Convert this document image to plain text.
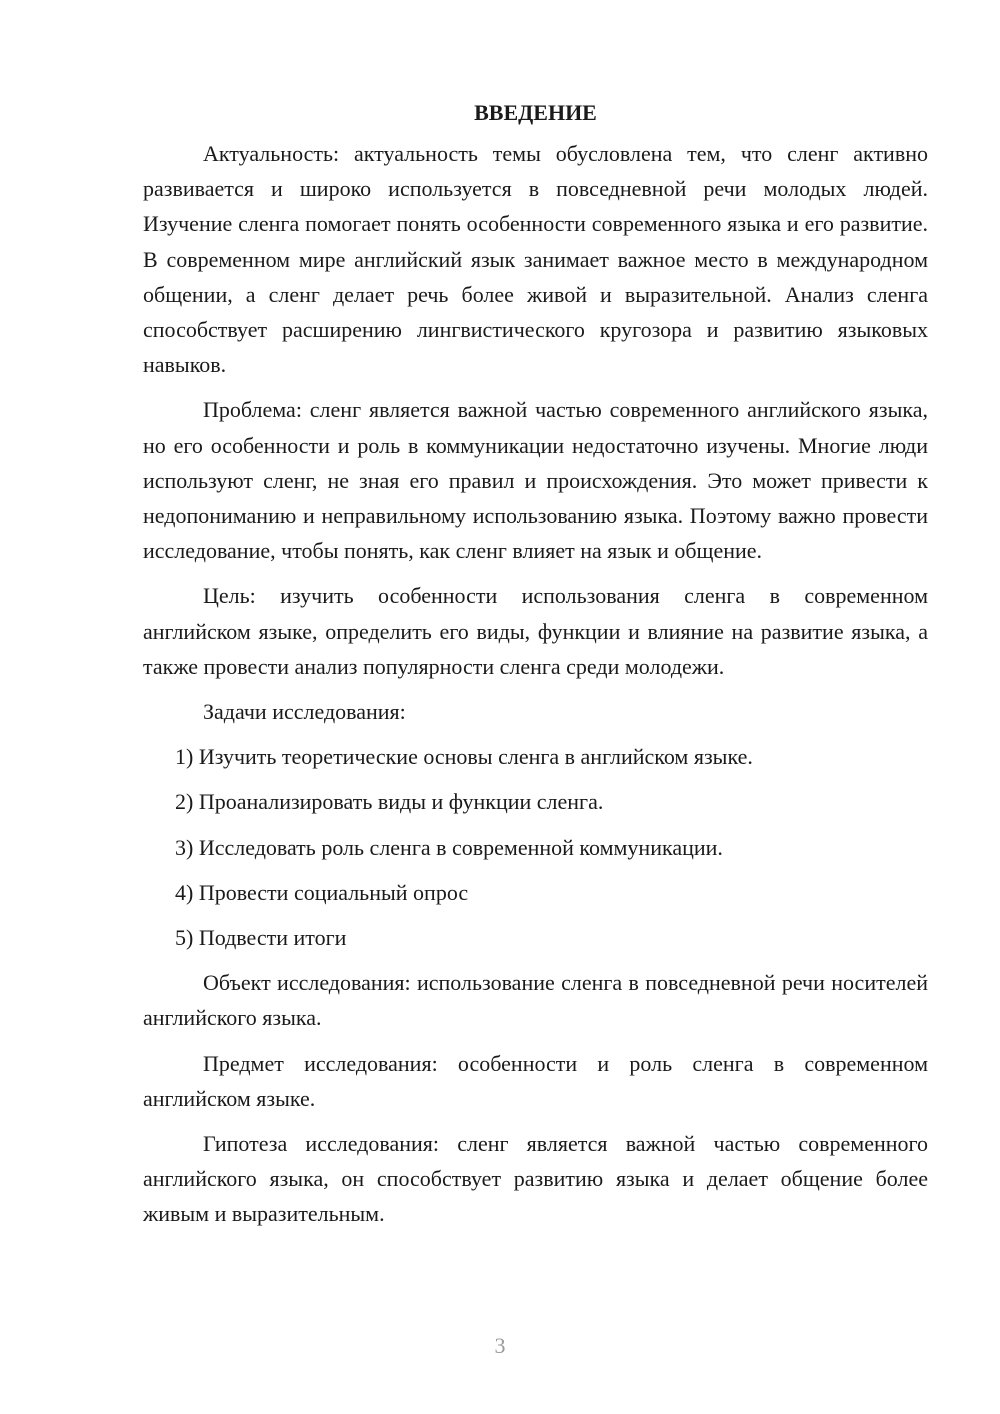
ВВЕДЕНИЕ

Актуальность: актуальность темы обусловлена тем, что сленг активно развивается и широко используется в повседневной речи молодых людей. Изучение сленга помогает понять особенности современного языка и его развитие. В современном мире английский язык занимает важное место в международном общении, а сленг делает речь более живой и выразительной. Анализ сленга способствует расширению лингвистического кругозора и развитию языковых навыков.

Проблема: сленг является важной частью современного английского языка, но его особенности и роль в коммуникации недостаточно изучены. Многие люди используют сленг, не зная его правил и происхождения. Это может привести к недопониманию и неправильному использованию языка. Поэтому важно провести исследование, чтобы понять, как сленг влияет на язык и общение.

Цель: изучить особенности использования сленга в современном английском языке, определить его виды, функции и влияние на развитие языка, а также провести анализ популярности сленга среди молодежи.

Задачи исследования:

1) Изучить теоретические основы сленга в английском языке.
2) Проанализировать виды и функции сленга.
3) Исследовать роль сленга в современной коммуникации.
4) Провести социальный опрос
5) Подвести итоги

Объект исследования: использование сленга в повседневной речи носителей английского языка.

Предмет исследования: особенности и роль сленга в современном английском языке.

Гипотеза исследования: сленг является важной частью современного английского языка, он способствует развитию языка и делает общение более живым и выразительным.

3
